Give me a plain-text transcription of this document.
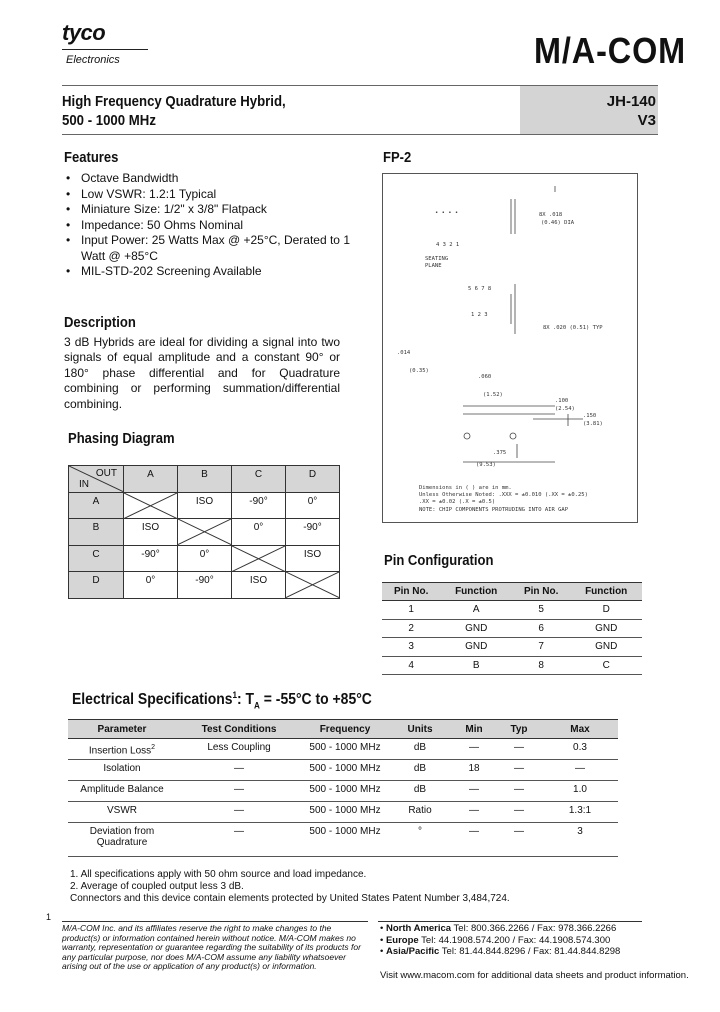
tyco
Electronics	M/A-COM
High Frequency Quadrature Hybrid,
500 - 1000 MHz
JH-140
V3
Features
• Octave Bandwidth
• Low VSWR: 1.2:1 Typical
• Miniature Size: 1/2" x 3/8" Flatpack
• Impedance: 50 Ohms Nominal
• Input Power: 25 Watts Max @ +25°C, Derated to 1 Watt @ +85°C
• MIL-STD-202 Screening Available
Description

3 dB Hybrids are ideal for dividing a signal into two signals of equal amplitude and a constant 90° or 180° phase differential and for Quadrature combining or performing summation/differential combining.

Phasing Diagram
OUT
IN	A	B	C	D
A		ISO	-90°	0°
B	ISO		0°	-90°
C	-90°	0°		ISO
D	0°	-90°	ISO	
FP-2
• • • •
4 3 2 1
5 6 7 8
1 2 3
8X .018
(0.46) DIA
SEATING
PLANE
8X .020 (0.51) TYP
.014
(0.35)
.060
(1.52)
.100
(2.54)
.150
(3.81)
.375
(9.53)
Dimensions in ( ) are in mm.
Unless Otherwise Noted: .XXX = ±0.010 (.XX = ±0.25)
.XX = ±0.02 (.X = ±0.5)
NOTE: CHIP COMPONENTS PROTRUDING INTO AIR GAP
Pin Configuration
Pin No.	Function	Pin No.	Function
1	A	5	D
2	GND	6	GND
3	GND	7	GND
4	B	8	C
Electrical Specifications$^1$: $T_A = -55^\circ C$ to +85°C
Parameter	Test Conditions	Frequency	Units	Min	Typ	Max
Insertion Loss$^2$	Less Coupling	500 - 1000 MHz	dB	—	—	0.3
Isolation	—	500 - 1000 MHz	dB	18	—	—
Amplitude Balance	—	500 - 1000 MHz	dB	—	—	1.0
VSWR	—	500 - 1000 MHz	Ratio	—	—	1.3:1
Deviation from Quadrature	—	500 - 1000 MHz	°	—	—	3
1. All specifications apply with 50 ohm source and load impedance.
2. Average of coupled output less 3 dB.
Connectors and this device contain elements protected by United States Patent Number 3,484,724.
1
M/A-COM Inc. and its affiliates reserve the right to make changes to the product(s) or information contained herein without notice. M/A-COM makes no warranty, representation or guarantee regarding the suitability of its products for any particular purpose, nor does M/A-COM assume any liability whatsoever arising out of the use or application of any product(s) or information.
• North America Tel: 800.366.2266 / Fax: 978.366.2266
• Europe Tel: 44.1908.574.200 / Fax: 44.1908.574.300
• Asia/Pacific Tel: 81.44.844.8296 / Fax: 81.44.844.8298
Visit www.macom.com for additional data sheets and product information.
